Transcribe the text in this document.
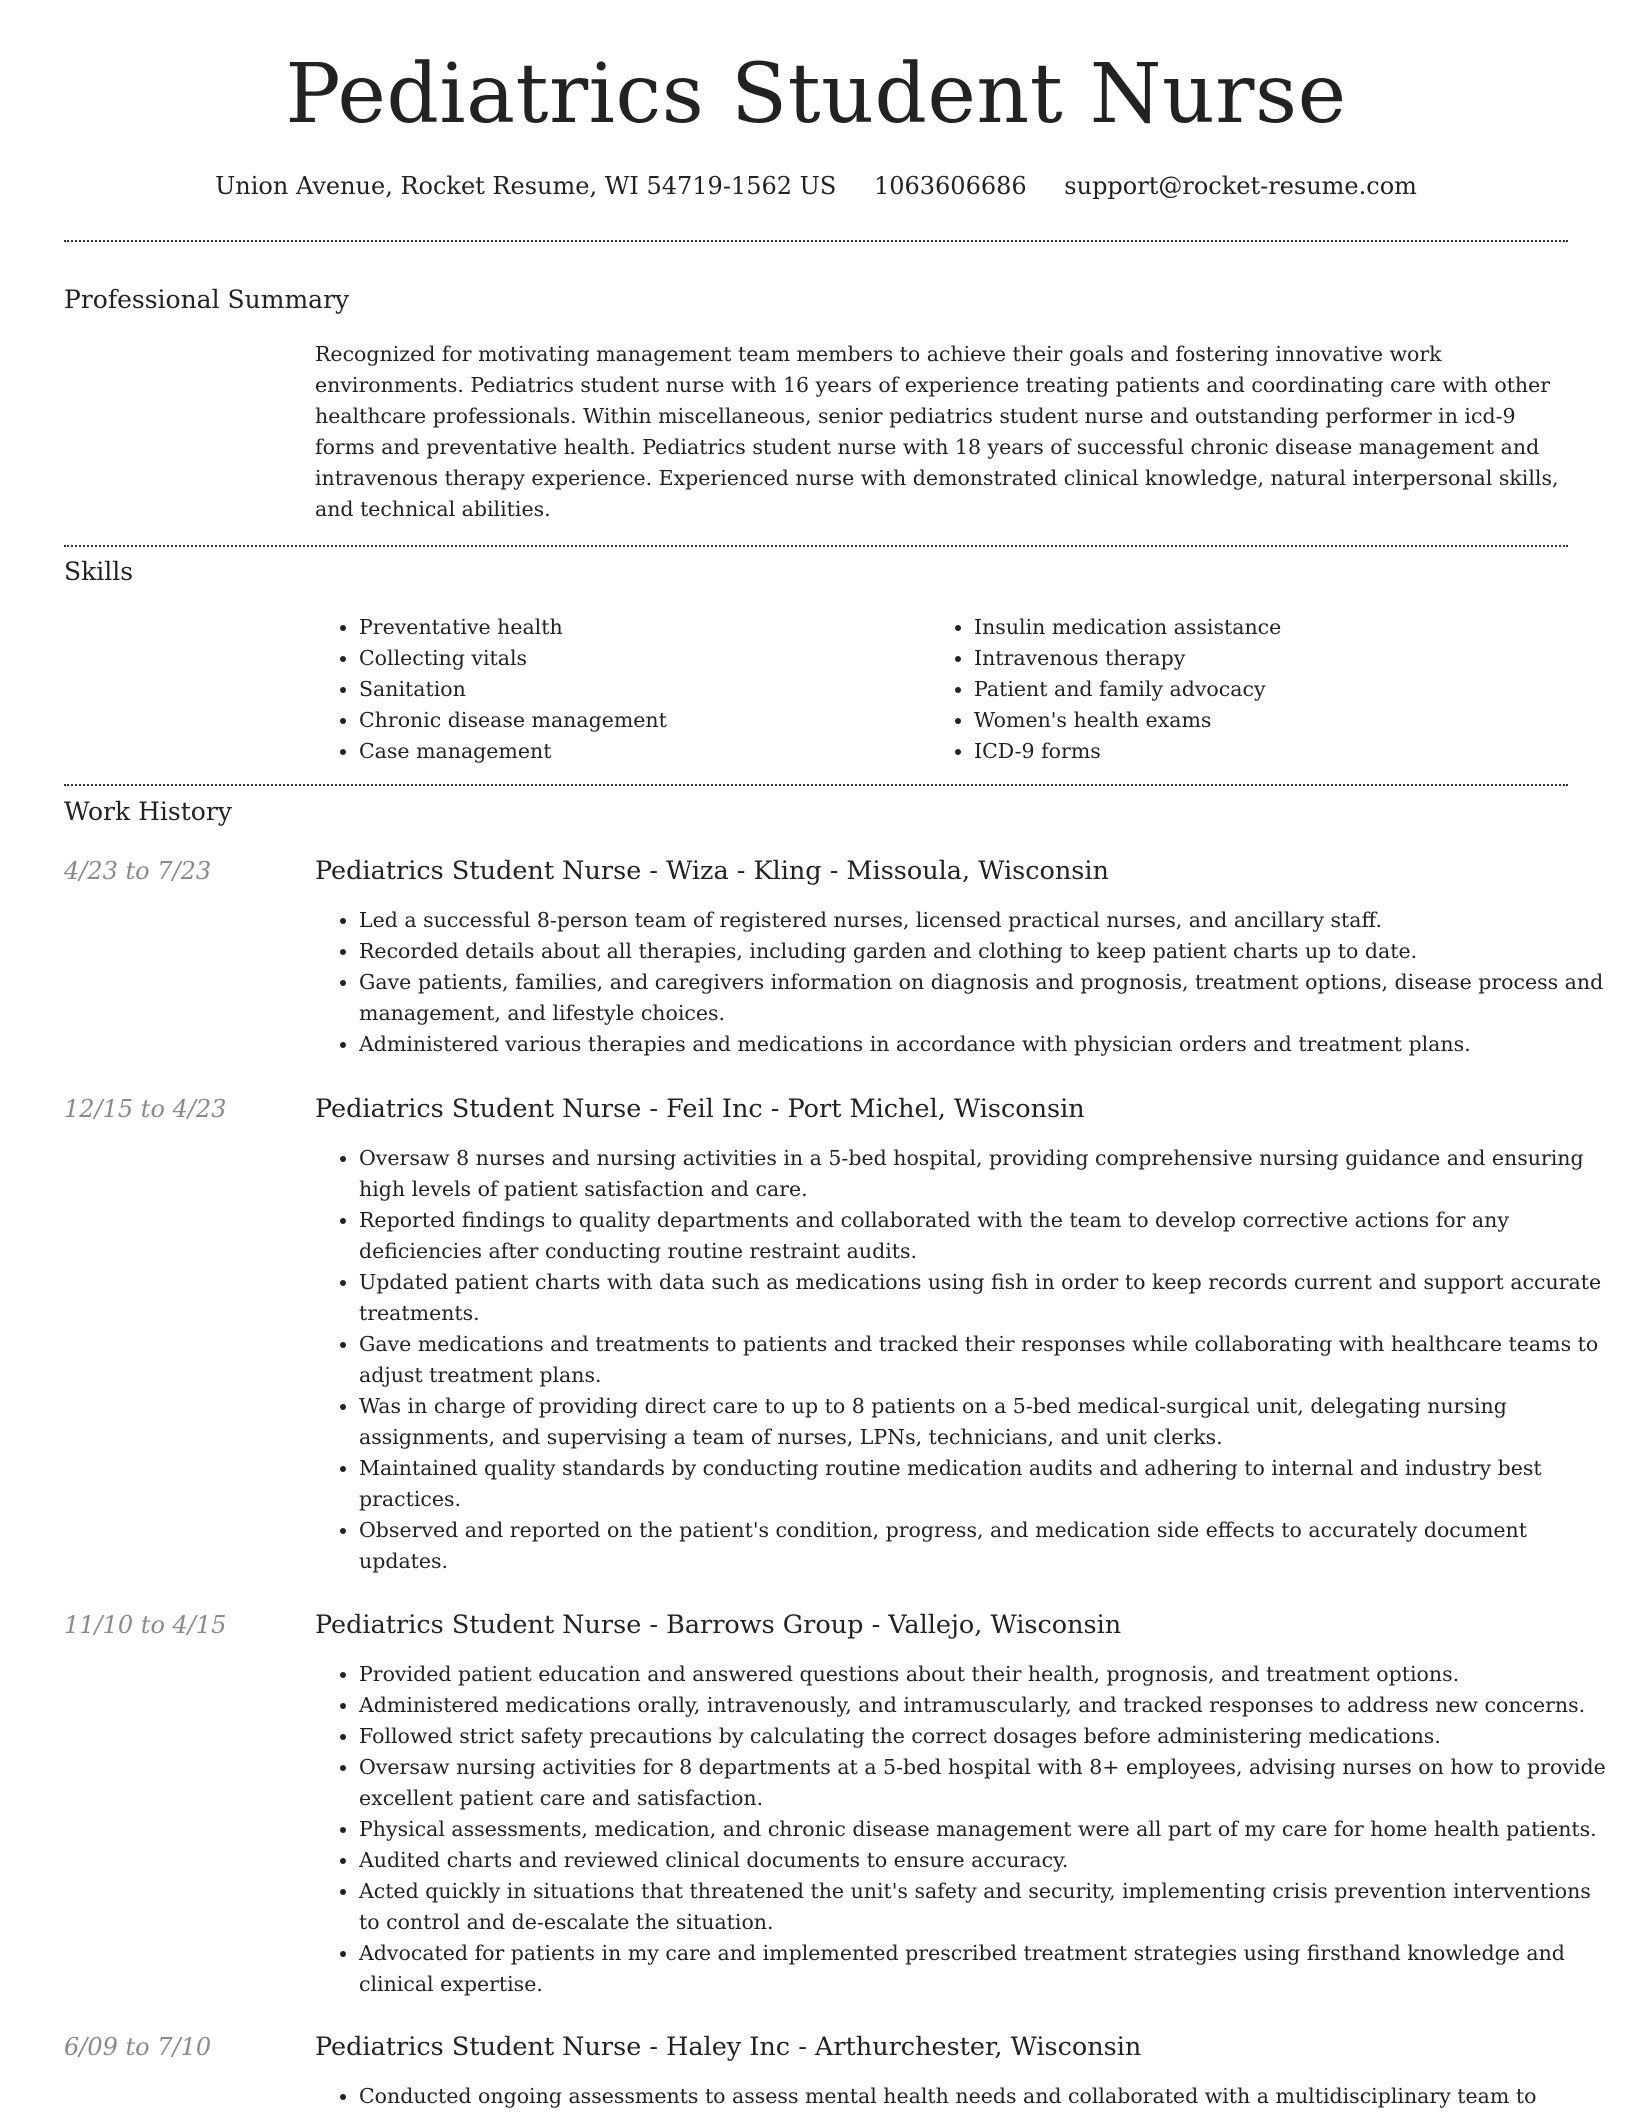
Pediatrics Student Nurse
Union Avenue, Rocket Resume, WI 54719-1562 US 1063606686 support@rocket-resume.com
Professional Summary

Recognized for motivating management team members to achieve their goals and fostering innovative work environments. Pediatrics student nurse with 16 years of experience treating patients and coordinating care with other healthcare professionals. Within miscellaneous, senior pediatrics student nurse and outstanding performer in icd-9 forms and preventative health. Pediatrics student nurse with 18 years of successful chronic disease management and intravenous therapy experience. Experienced nurse with demonstrated clinical knowledge, natural interpersonal skills, and technical abilities.

Skills
• Preventative health
• Collecting vitals
• Sanitation
• Chronic disease management
• Case management
• Insulin medication assistance
• Intravenous therapy
• Patient and family advocacy
• Women's health exams
• ICD-9 forms
Work History
4/23 to 7/23	Pediatrics Student Nurse - Wiza - Kling - Missoula, Wisconsin
• Led a successful 8-person team of registered nurses, licensed practical nurses, and ancillary staff.
• Recorded details about all therapies, including garden and clothing to keep patient charts up to date.
• Gave patients, families, and caregivers information on diagnosis and prognosis, treatment options, disease process and management, and lifestyle choices.
• Administered various therapies and medications in accordance with physician orders and treatment plans.
12/15 to 4/23	Pediatrics Student Nurse - Feil Inc - Port Michel, Wisconsin
• Oversaw 8 nurses and nursing activities in a 5-bed hospital, providing comprehensive nursing guidance and ensuring high levels of patient satisfaction and care.
• Reported findings to quality departments and collaborated with the team to develop corrective actions for any deficiencies after conducting routine restraint audits.
• Updated patient charts with data such as medications using fish in order to keep records current and support accurate treatments.
• Gave medications and treatments to patients and tracked their responses while collaborating with healthcare teams to adjust treatment plans.
• Was in charge of providing direct care to up to 8 patients on a 5-bed medical-surgical unit, delegating nursing assignments, and supervising a team of nurses, LPNs, technicians, and unit clerks.
• Maintained quality standards by conducting routine medication audits and adhering to internal and industry best practices.
• Observed and reported on the patient's condition, progress, and medication side effects to accurately document updates.
11/10 to 4/15	Pediatrics Student Nurse - Barrows Group - Vallejo, Wisconsin
• Provided patient education and answered questions about their health, prognosis, and treatment options.
• Administered medications orally, intravenously, and intramuscularly, and tracked responses to address new concerns.
• Followed strict safety precautions by calculating the correct dosages before administering medications.
• Oversaw nursing activities for 8 departments at a 5-bed hospital with 8+ employees, advising nurses on how to provide excellent patient care and satisfaction.
• Physical assessments, medication, and chronic disease management were all part of my care for home health patients.
• Audited charts and reviewed clinical documents to ensure accuracy.
• Acted quickly in situations that threatened the unit's safety and security, implementing crisis prevention interventions to control and de-escalate the situation.
• Advocated for patients in my care and implemented prescribed treatment strategies using firsthand knowledge and clinical expertise.
6/09 to 7/10	Pediatrics Student Nurse - Haley Inc - Arthurchester, Wisconsin
• Conducted ongoing assessments to assess mental health needs and collaborated with a multidisciplinary team to
